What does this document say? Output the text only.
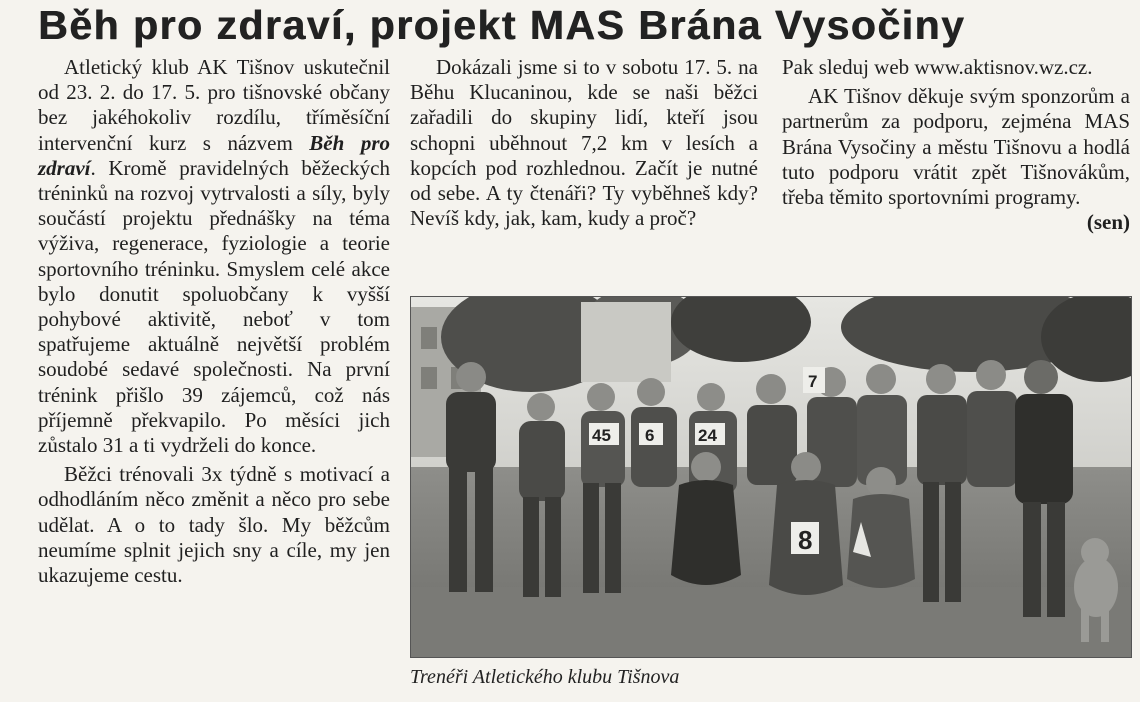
Běh pro zdraví, projekt MAS Brána Vysočiny

Atletický klub AK Tišnov uskutečnil od 23. 2. do 17. 5. pro tišnovské občany bez jakéhokoliv rozdílu, tříměsíční intervenční kurz s názvem Běh pro zdraví. Kromě pravidelných běžeckých tréninků na rozvoj vytrvalosti a síly, byly součástí projektu přednášky na téma výživa, regenerace, fyziologie a teorie sportovního tréninku. Smyslem celé akce bylo donutit spoluobčany k vyšší pohybové aktivitě, neboť v tom spatřujeme aktuálně největší problém soudobé sedavé společnosti. Na první trénink přišlo 39 zájemců, což nás příjemně překvapilo. Po měsíci jich zůstalo 31 a ti vydrželi do konce.

Běžci trénovali 3x týdně s motivací a odhodláním něco změnit a něco pro sebe udělat. A o to tady šlo. My běžcům neumíme splnit jejich sny a cíle, my jen ukazujeme cestu.

Dokázali jsme si to v sobotu 17. 5. na Běhu Klucaninou, kde se naši běžci zařadili do skupiny lidí, kteří jsou schopni uběhnout 7,2 km v lesích a kopcích pod rozhlednou. Začít je nutné od sebe. A ty čtenáři? Ty vyběhneš kdy? Nevíš kdy, jak, kam, kudy a proč?

Pak sleduj web www.aktisnov.wz.cz.

AK Tišnov děkuje svým sponzorům a partnerům za podporu, zejména MAS Brána Vysočiny a městu Tišnovu a hodlá tuto podporu vrátit zpět Tišnovákům, třeba těmito sportovními programy.
(sen)

45 6	24
7
8
Trenéři Atletického klubu Tišnova
